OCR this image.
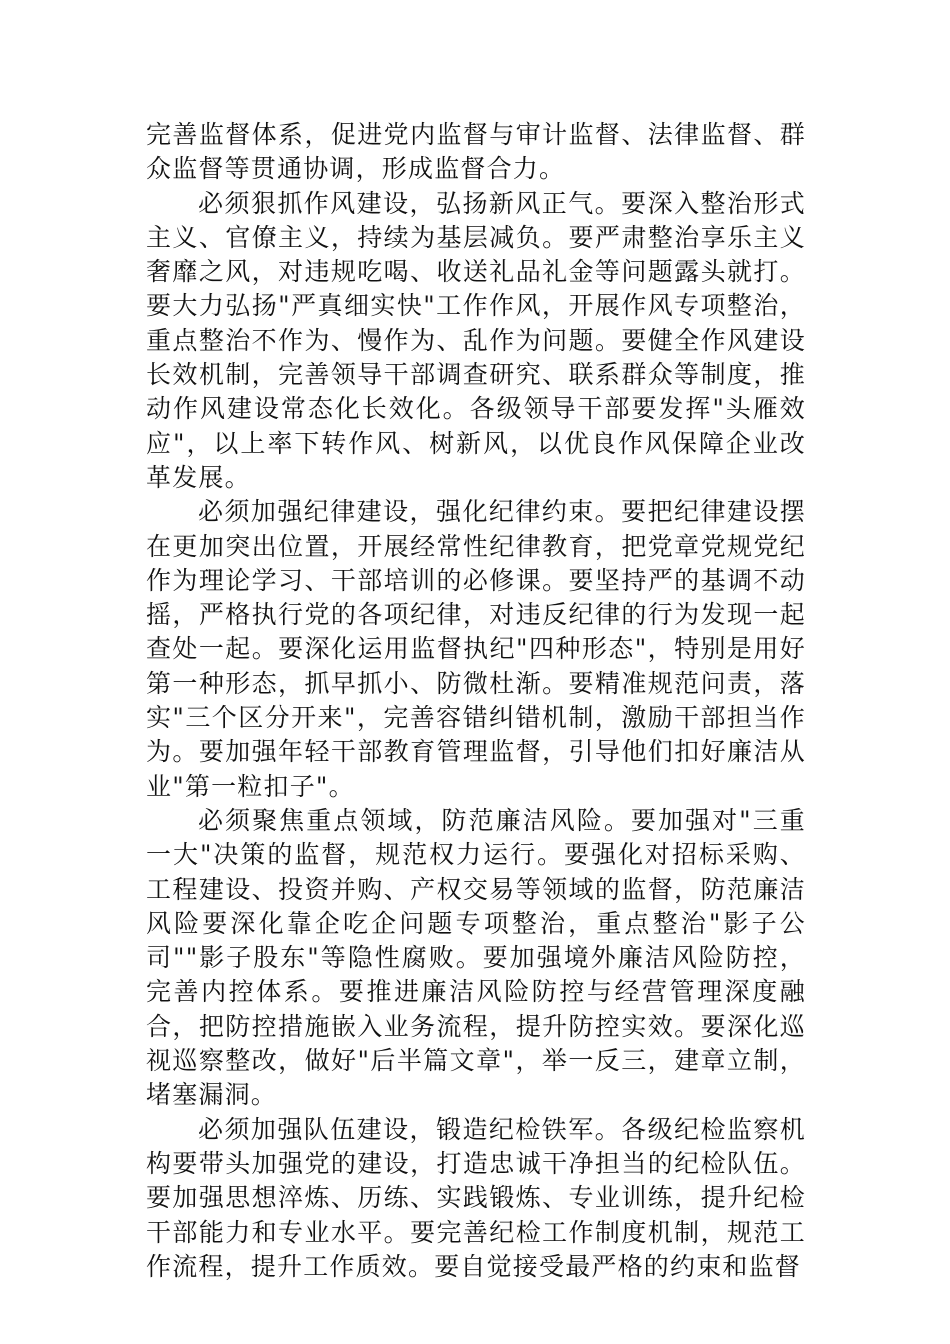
完善监督体系，促进党内监督与审计监督、法律监督、群众监督等贯通协调，形成监督合力。

必须狠抓作风建设，弘扬新风正气。要深入整治形式主义、官僚主义，持续为基层减负。要严肃整治享乐主义奢靡之风，对违规吃喝、收送礼品礼金等问题露头就打。要大力弘扬"严真细实快"工作作风，开展作风专项整治，重点整治不作为、慢作为、乱作为问题。要健全作风建设长效机制，完善领导干部调查研究、联系群众等制度，推动作风建设常态化长效化。各级领导干部要发挥"头雁效应"，以上率下转作风、树新风，以优良作风保障企业改革发展。

必须加强纪律建设，强化纪律约束。要把纪律建设摆在更加突出位置，开展经常性纪律教育，把党章党规党纪作为理论学习、干部培训的必修课。要坚持严的基调不动摇，严格执行党的各项纪律，对违反纪律的行为发现一起查处一起。要深化运用监督执纪"四种形态"，特别是用好第一种形态，抓早抓小、防微杜渐。要精准规范问责，落实"三个区分开来"，完善容错纠错机制，激励干部担当作为。要加强年轻干部教育管理监督，引导他们扣好廉洁从业"第一粒扣子"。

必须聚焦重点领域，防范廉洁风险。要加强对"三重一大"决策的监督，规范权力运行。要强化对招标采购、工程建设、投资并购、产权交易等领域的监督，防范廉洁风险要深化靠企吃企问题专项整治，重点整治"影子公司""影子股东"等隐性腐败。要加强境外廉洁风险防控，完善内控体系。要推进廉洁风险防控与经营管理深度融合，把防控措施嵌入业务流程，提升防控实效。要深化巡视巡察整改，做好"后半篇文章"，举一反三，建章立制，堵塞漏洞。

必须加强队伍建设，锻造纪检铁军。各级纪检监察机构要带头加强党的建设，打造忠诚干净担当的纪检队伍。要加强思想淬炼、历练、实践锻炼、专业训练，提升纪检干部能力和专业水平。要完善纪检工作制度机制，规范工作流程，提升工作质效。要自觉接受最严格的约束和监督
